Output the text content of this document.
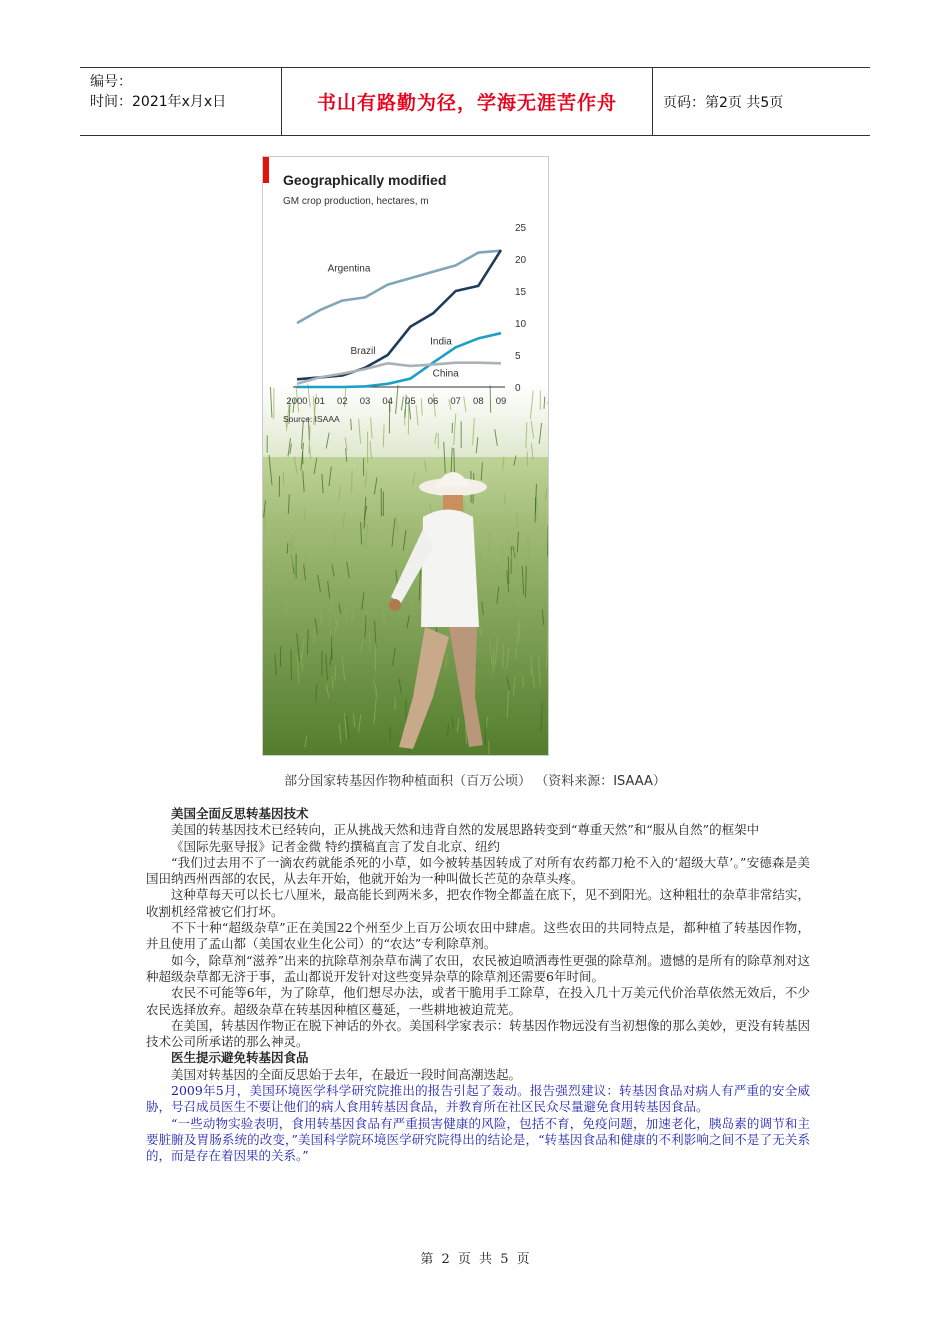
编号：
时间：2021年x月x日	书山有路勤为径，学海无涯苦作舟	页码：第2页 共5页
Geographically modified
GM crop production, hectares, m
0
5
10
15
20
25
2000 01 02 03 04 05 06 07 08 09
Source: ISAAA
Argentina
Brazil
India
China
部分国家转基因作物种植面积（百万公顷） （资料来源：ISAAA）

美国全面反思转基因技术

美国的转基因技术已经转向，正从挑战天然和违背自然的发展思路转变到“尊重天然”和“服从自然”的框架中

《国际先驱导报》记者金微 特约撰稿直言了发自北京、纽约

“我们过去用不了一滴农药就能杀死的小草，如今被转基因转成了对所有农药都刀枪不入的‘超级大草’。”安德森是美国田纳西州西部的农民，从去年开始，他就开始为一种叫做长芒苋的杂草头疼。

这种草每天可以长七八厘米，最高能长到两米多，把农作物全都盖在底下，见不到阳光。这种粗壮的杂草非常结实，收割机经常被它们打坏。

不下十种“超级杂草”正在美国22个州至少上百万公顷农田中肆虐。这些农田的共同特点是，都种植了转基因作物，并且使用了孟山都（美国农业生化公司）的“农达”专利除草剂。

如今，除草剂“滋养”出来的抗除草剂杂草布满了农田，农民被迫喷洒毒性更强的除草剂。遗憾的是所有的除草剂对这种超级杂草都无济于事，孟山都说开发针对这些变异杂草的除草剂还需要6年时间。

农民不可能等6年，为了除草，他们想尽办法，或者干脆用手工除草，在投入几十万美元代价治草依然无效后，不少农民选择放弃。超级杂草在转基因种植区蔓延，一些耕地被迫荒芜。

在美国，转基因作物正在脱下神话的外衣。美国科学家表示：转基因作物远没有当初想像的那么美妙，更没有转基因技术公司所承诺的那么神灵。

医生提示避免转基因食品

美国对转基因的全面反思始于去年，在最近一段时间高潮迭起。

2009年5月，美国环境医学科学研究院推出的报告引起了轰动。报告强烈建议：转基因食品对病人有严重的安全威胁，号召成员医生不要让他们的病人食用转基因食品，并教育所在社区民众尽量避免食用转基因食品。

“一些动物实验表明，食用转基因食品有严重损害健康的风险，包括不育，免疫问题，加速老化，胰岛素的调节和主要脏腑及胃肠系统的改变，”美国科学院环境医学研究院得出的结论是，“转基因食品和健康的不利影响之间不是了无关系的，而是存在着因果的关系。”

第 2 页 共 5 页
